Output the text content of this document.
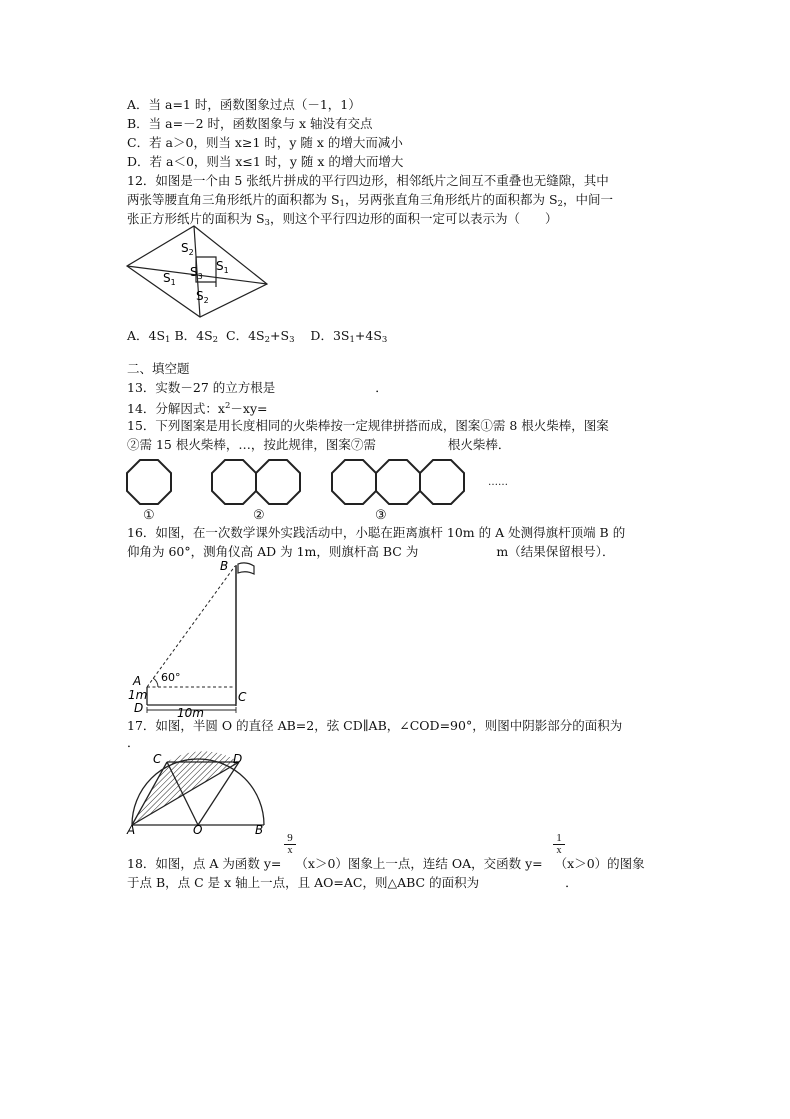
A．当 a=1 时，函数图象过点（－1，1）
B．当 a=－2 时，函数图象与 x 轴没有交点
C．若 a＞0，则当 x≥1 时，y 随 x 的增大而减小
D．若 a＜0，则当 x≤1 时，y 随 x 的增大而增大
12．如图是一个由 5 张纸片拼成的平行四边形，相邻纸片之间互不重叠也无缝隙，其中
两张等腰直角三角形纸片的面积都为 $S_1$，另两张直角三角形纸片的面积都为 $S_2$，中间一
张正方形纸片的面积为 $S_3$，则这个平行四边形的面积一定可以表示为（　　）
$S_2$
$S_1$
$S_3$
$S_1$
$S_2$
A．$4S_1$ B．$4S_2$ C．$4S_2+S_3$ D．$3S_1+4S_3$
二、填空题
13．实数－27 的立方根是	．
14．分解因式：$x^2-xy=$
15．下列图案是用长度相同的火柴棒按一定规律拼搭而成，图案①需 8 根火柴棒，图案
②需 15 根火柴棒，…，按此规律，图案⑦需	根火柴棒．
……
①	②	③
16．如图，在一次数学课外实践活动中，小聪在距离旗杆 10m 的 A 处测得旗杆顶端 B 的
仰角为 60°，测角仪高 AD 为 1m，则旗杆高 BC 为	m（结果保留根号）．
B
A 60°
C
1m
D	10m
17．如图，半圆 O 的直径 AB=2，弦 CD∥AB，∠COD=90°，则图中阴影部分的面积为
．
C	D
A	O	B
$\frac{9}{x}$	$\frac{1}{x}$
18．如图，点 A 为函数 y= （x＞0）图象上一点，连结 OA，交函数 y= （x＞0）的图象
于点 B，点 C 是 x 轴上一点，且 AO=AC，则△ABC 的面积为	．
